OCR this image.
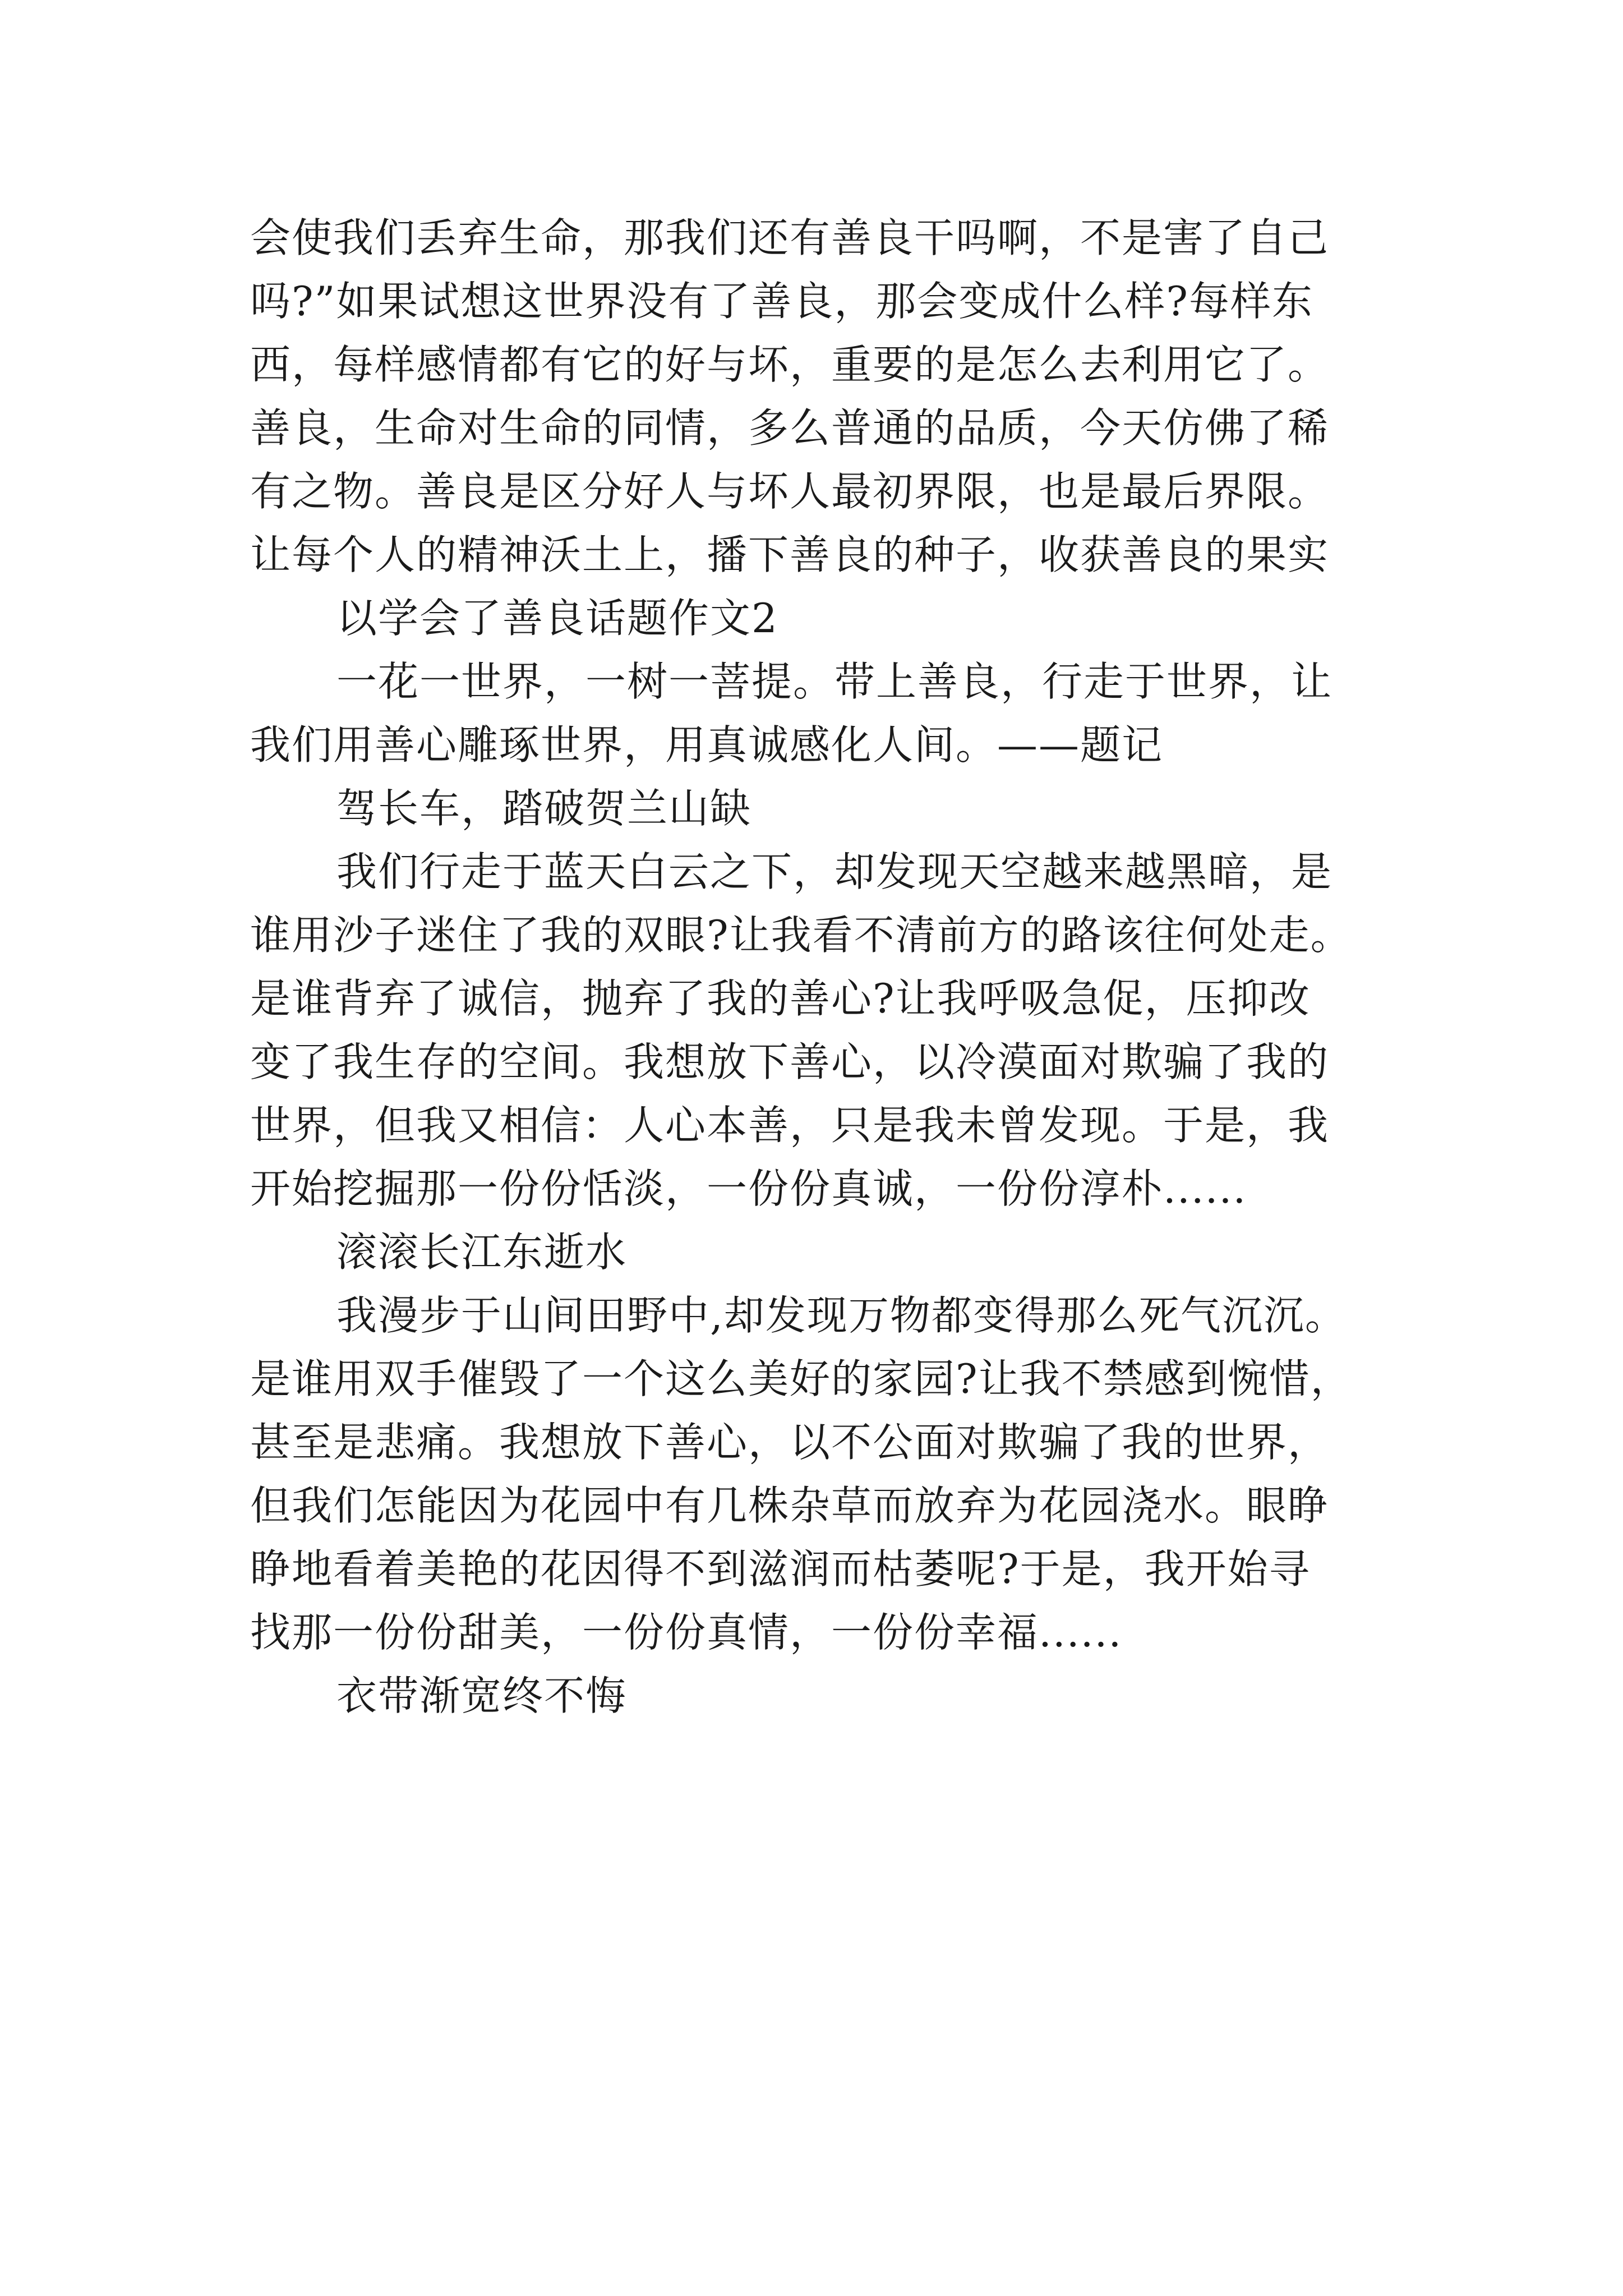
会使我们丢弃生命，那我们还有善良干吗啊，不是害了自己
吗?”如果试想这世界没有了善良，那会变成什么样?每样东
西，每样感情都有它的好与坏，重要的是怎么去利用它了。
善良，生命对生命的同情，多么普通的品质，今天仿佛了稀
有之物。善良是区分好人与坏人最初界限，也是最后界限。
让每个人的精神沃土上，播下善良的种子，收获善良的果实
以学会了善良话题作文2
一花一世界，一树一菩提。带上善良，行走于世界，让
我们用善心雕琢世界，用真诚感化人间。——题记
驾长车，踏破贺兰山缺
我们行走于蓝天白云之下，却发现天空越来越黑暗，是
谁用沙子迷住了我的双眼?让我看不清前方的路该往何处走。
是谁背弃了诚信，抛弃了我的善心?让我呼吸急促，压抑改
变了我生存的空间。我想放下善心，以冷漠面对欺骗了我的
世界，但我又相信：人心本善，只是我未曾发现。于是，我
开始挖掘那一份份恬淡，一份份真诚，一份份淳朴......
滚滚长江东逝水
我漫步于山间田野中,却发现万物都变得那么死气沉沉。
是谁用双手催毁了一个这么美好的家园?让我不禁感到惋惜，
甚至是悲痛。我想放下善心，以不公面对欺骗了我的世界，
但我们怎能因为花园中有几株杂草而放弃为花园浇水。眼睁
睁地看着美艳的花因得不到滋润而枯萎呢?于是，我开始寻
找那一份份甜美，一份份真情，一份份幸福......
衣带渐宽终不悔
